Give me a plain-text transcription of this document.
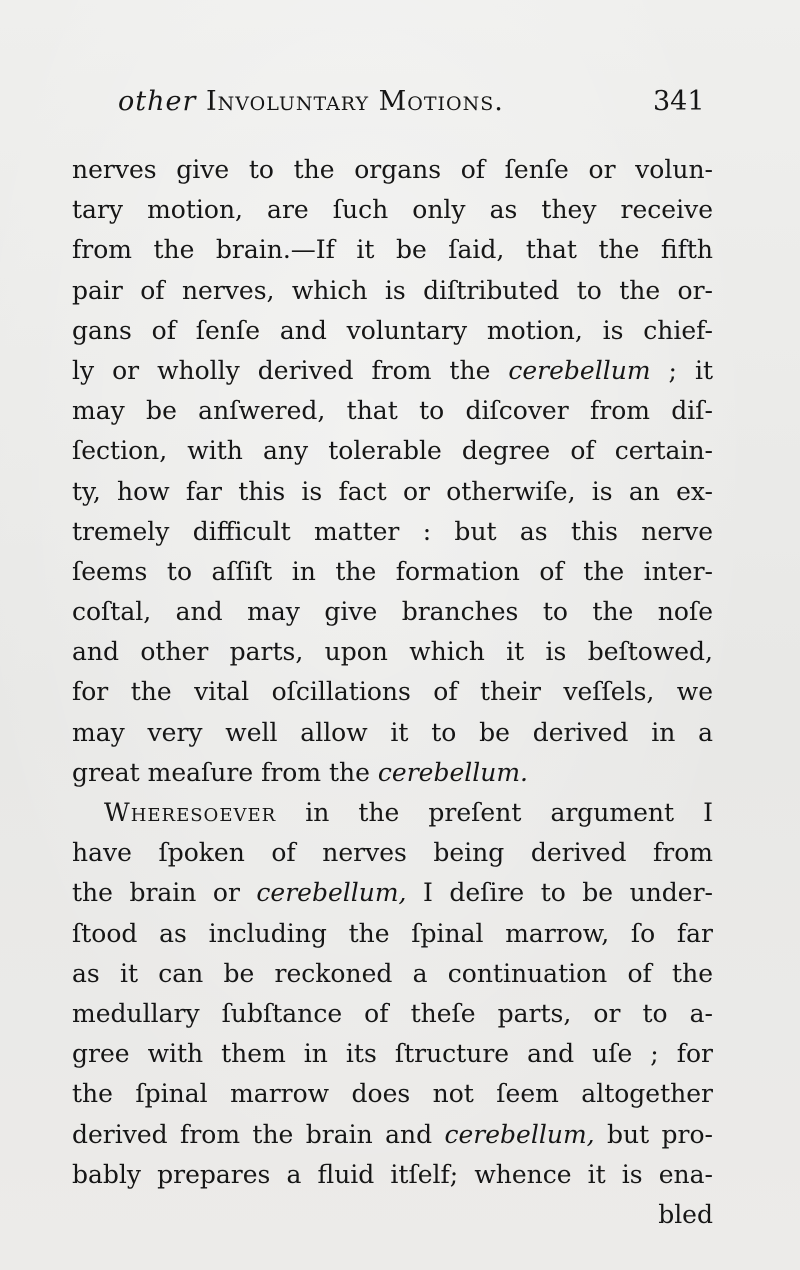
other Involuntary Motions.	341
nerves give to the organs of ſenſe or volun-
tary motion, are ſuch only as they receive
from the brain.—If it be ſaid, that the fifth
pair of nerves, which is diſtributed to the or-
gans of ſenſe and voluntary motion, is chief-
ly or wholly derived from the cerebellum ; it
may be anſwered, that to diſcover from diſ-
ſection, with any tolerable degree of certain-
ty, how far this is fact or otherwiſe, is an ex-
tremely difficult matter : but as this nerve
ſeems to aſſiſt in the formation of the inter-
coſtal, and may give branches to the noſe
and other parts, upon which it is beſtowed,
for the vital oſcillations of their veſſels, we
may very well allow it to be derived in a
great meaſure from the cerebellum.
Wheresoever in the preſent argument I
have ſpoken of nerves being derived from
the brain or cerebellum, I deſire to be under-
ſtood as including the ſpinal marrow, ſo far
as it can be reckoned a continuation of the
medullary ſubſtance of theſe parts, or to a-
gree with them in its ſtructure and uſe ; for
the ſpinal marrow does not ſeem altogether
derived from the brain and cerebellum, but pro-
bably prepares a fluid itſelf; whence it is ena-
bled
